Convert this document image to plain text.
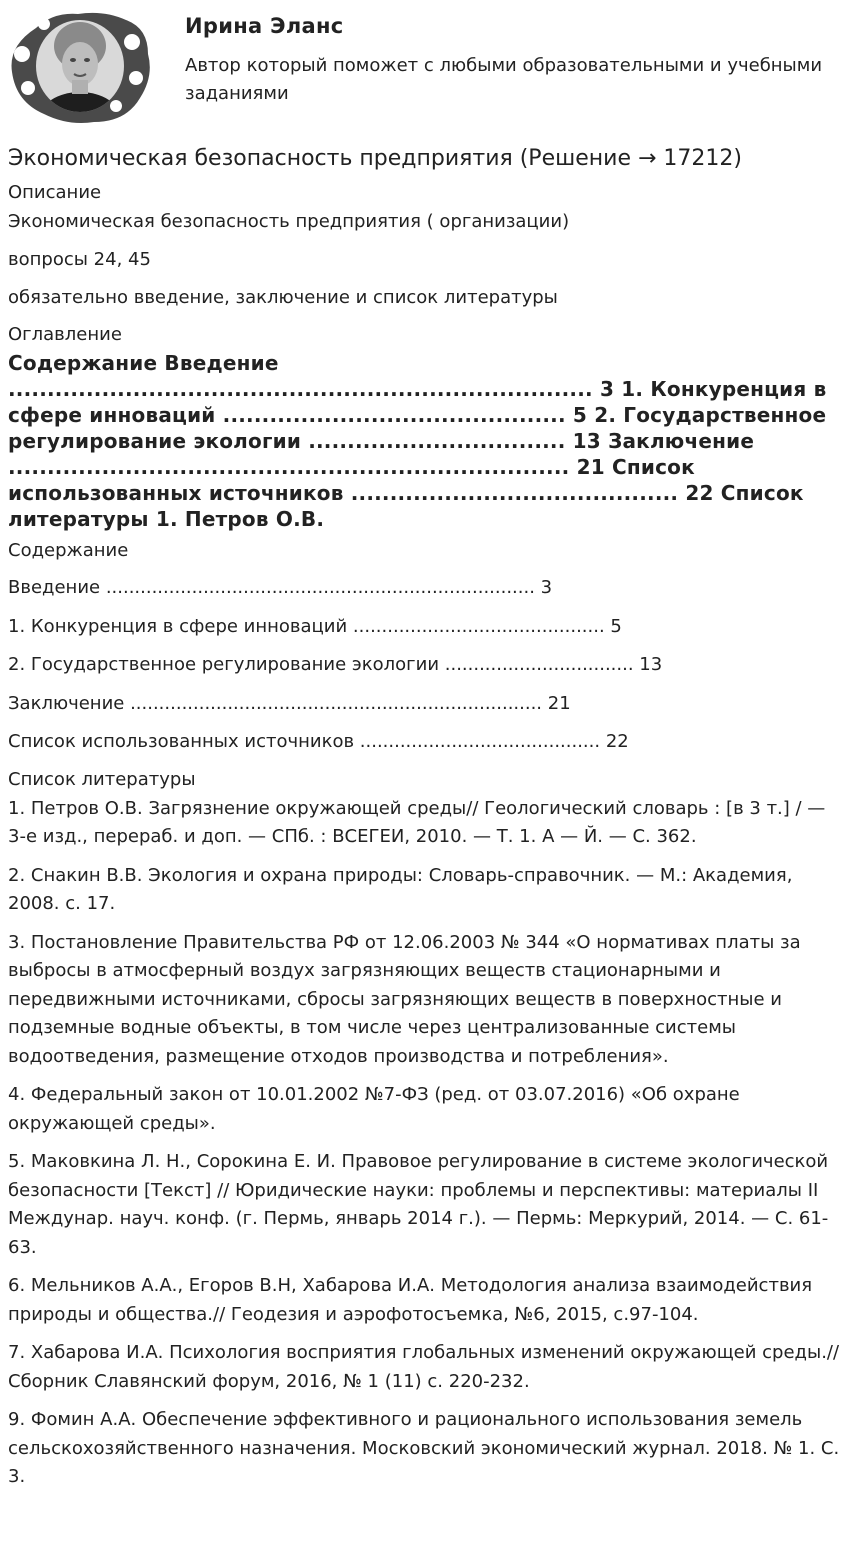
Ирина Эланс
Автор который поможет с любыми образовательными и учебными заданиями
Экономическая безопасность предприятия (Решение → 17212)
Описание
Экономическая безопасность предприятия ( организации)
вопросы 24, 45
обязательно введение, заключение и список литературы
Оглавление
Содержание Введение ........................................................................... 3 1. Конкуренция в сфере инноваций ............................................ 5 2. Государственное регулирование экологии ................................. 13 Заключение ........................................................................ 21 Список использованных источников .......................................... 22 Список литературы 1. Петров О.В.
Содержание
Введение ........................................................................... 3
1. Конкуренция в сфере инноваций ............................................ 5
2. Государственное регулирование экологии ................................. 13
Заключение ........................................................................ 21
Список использованных источников .......................................... 22
Список литературы
1. Петров О.В. Загрязнение окружающей среды// Геологический словарь : [в 3 т.] / — 3-е изд., перераб. и доп. — СПб. : ВСЕГЕИ, 2010. — Т. 1. А — Й. — С. 362.
2. Снакин В.В. Экология и охрана природы: Словарь-справочник. — М.: Академия, 2008. с. 17.
3. Постановление Правительства РФ от 12.06.2003 № 344 «О нормативах платы за выбросы в атмосферный воздух загрязняющих веществ стационарными и передвижными источниками, сбросы загрязняющих веществ в поверхностные и подземные водные объекты, в том числе через централизованные системы водоотведения, размещение отходов производства и потребления».
4. Федеральный закон от 10.01.2002 №7-ФЗ (ред. от 03.07.2016) «Об охране окружающей среды».
5. Маковкина Л. Н., Сорокина Е. И. Правовое регулирование в системе экологической безопасности [Текст] // Юридические науки: проблемы и перспективы: материалы II Междунар. науч. конф. (г. Пермь, январь 2014 г.). — Пермь: Меркурий, 2014. — С. 61-63.
6. Мельников А.А., Егоров В.Н, Хабарова И.А. Методология анализа взаимодействия природы и общества.// Геодезия и аэрофотосъемка, №6, 2015, с.97-104.
7. Хабарова И.А. Психология восприятия глобальных изменений окружающей среды.// Сборник Славянский форум, 2016, № 1 (11) с. 220-232.
9. Фомин А.А. Обеспечение эффективного и рационального использования земель сельскохозяйственного назначения. Московский экономический журнал. 2018. № 1. С. 3.
